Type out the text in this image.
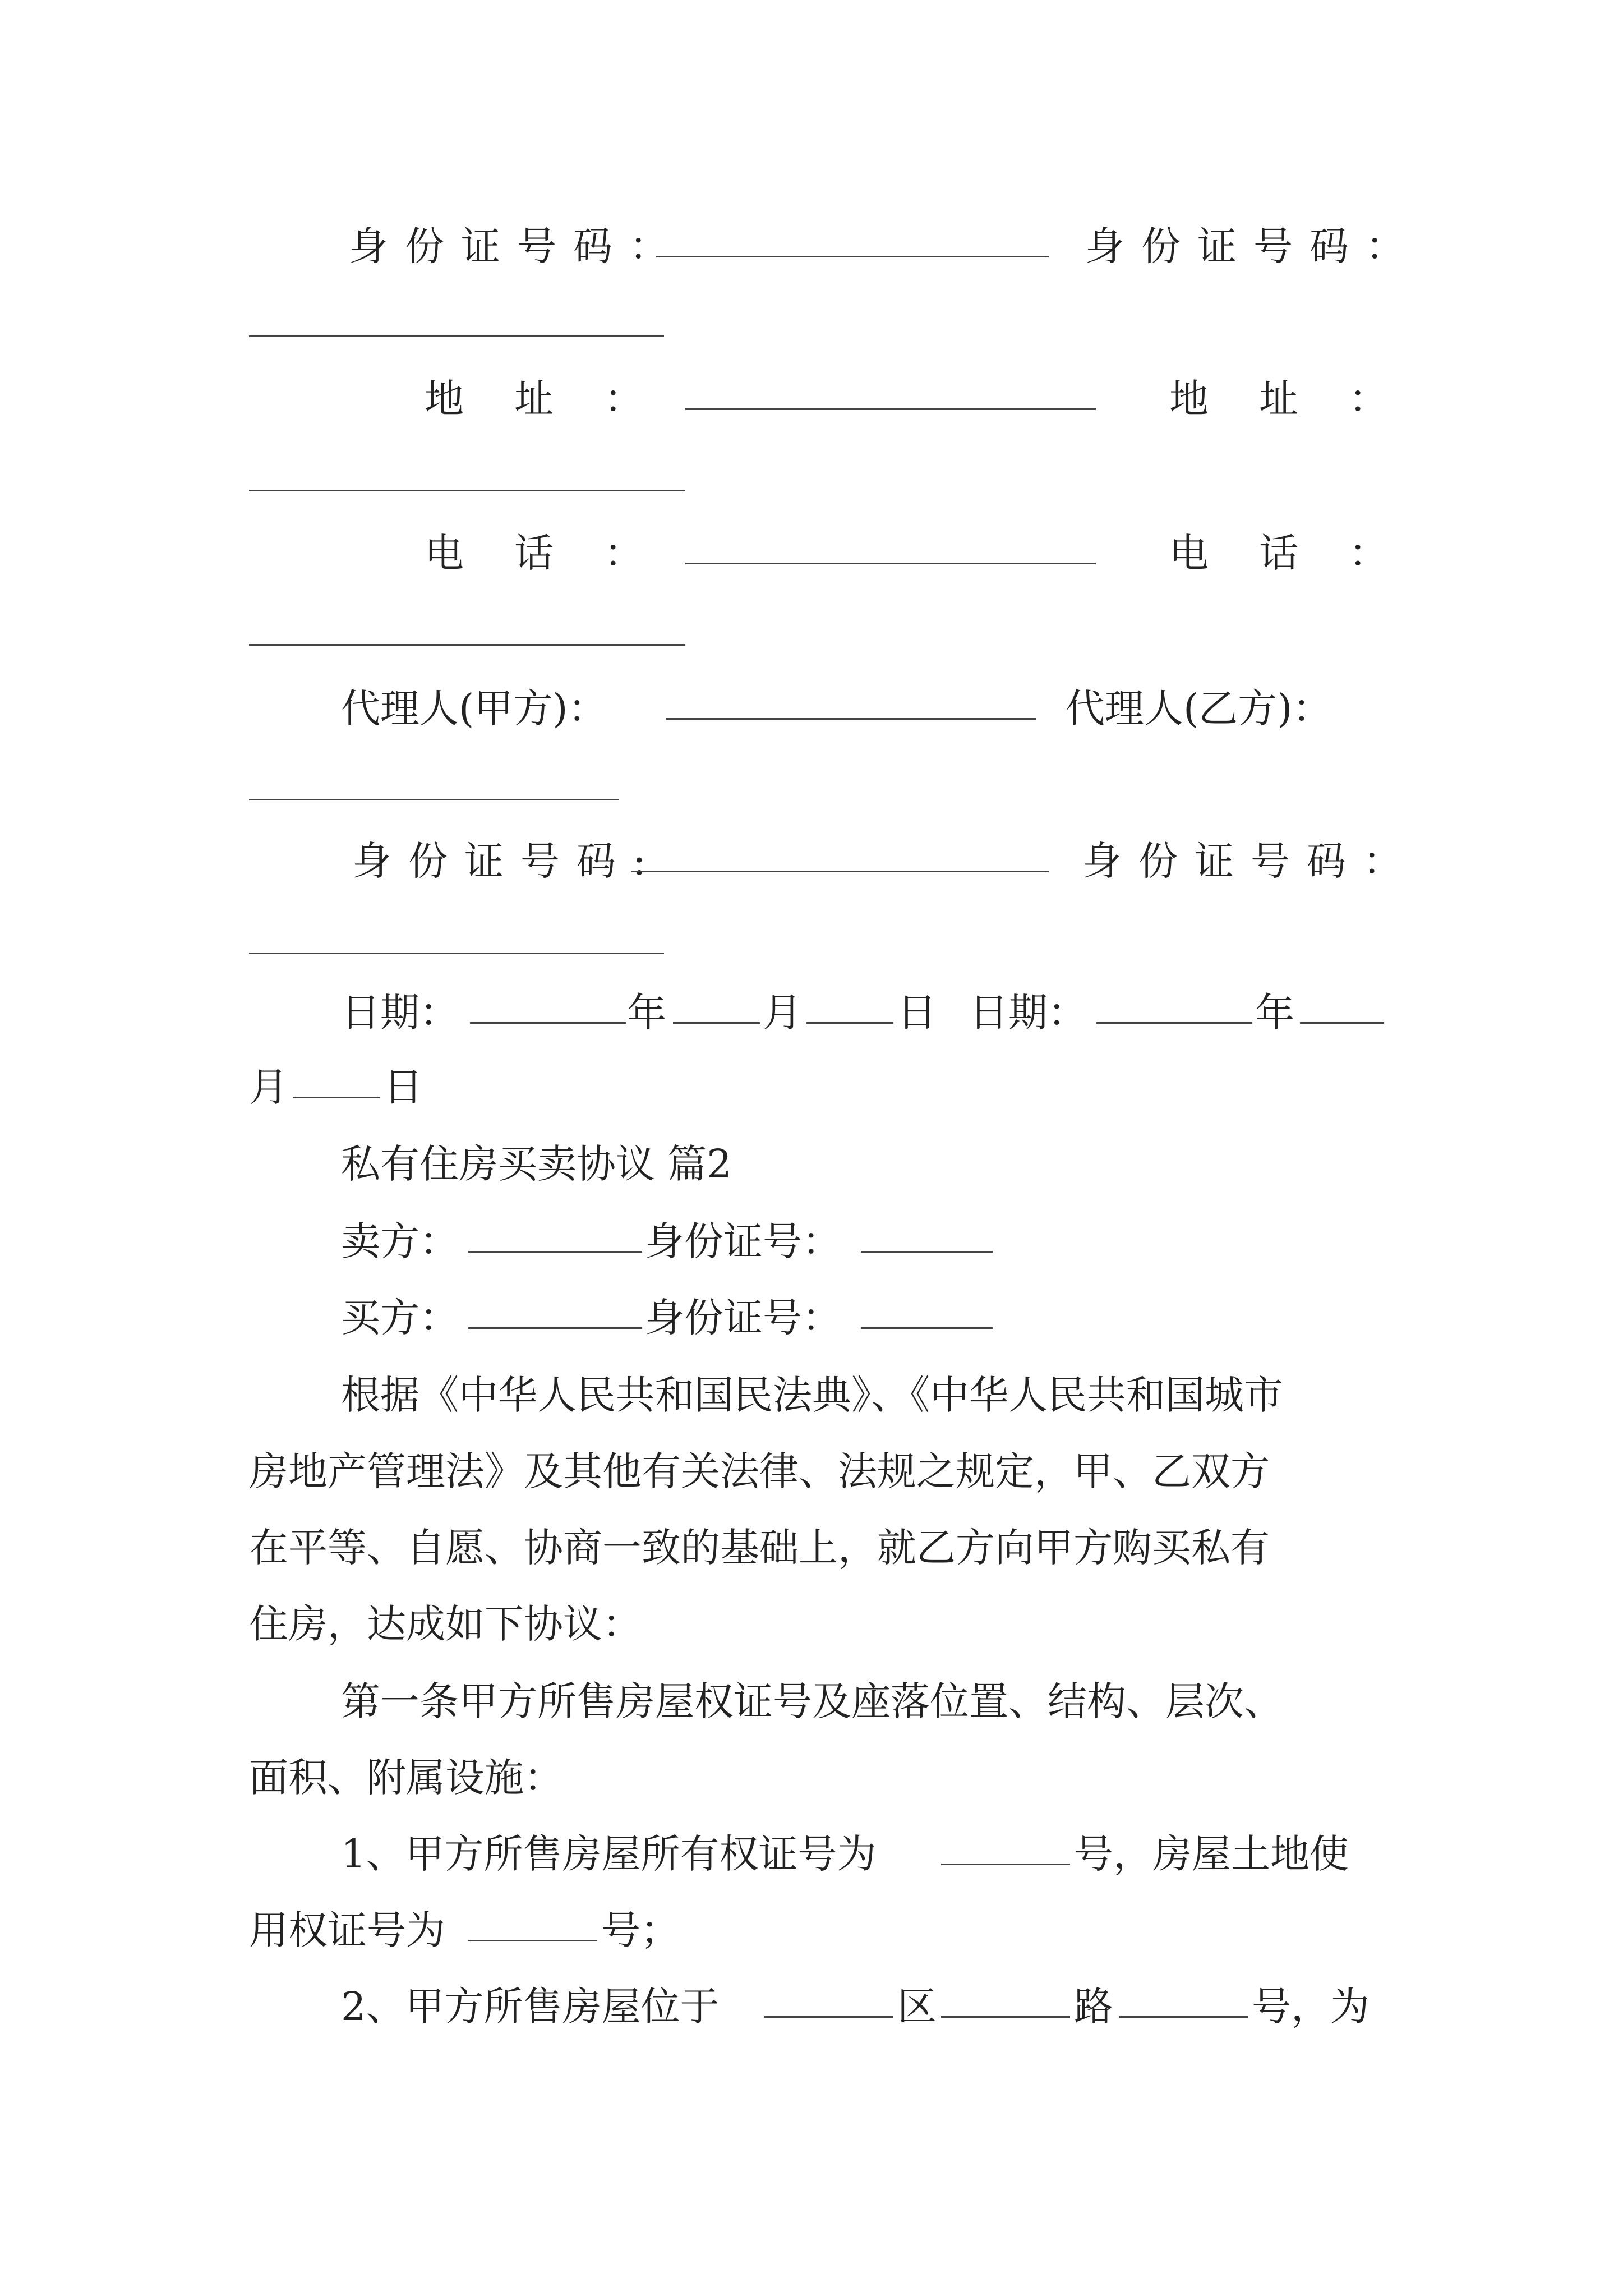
身份证号码：	身份证号码：
地址：	地址：
电话：	电话：
代理人(甲方)：	代理人(乙方)：
身份证号码:	身份证号码：
日期：	年 月 日 日期：	年
月 日
私有住房买卖协议 篇2
卖方：	身份证号：
买方：	身份证号：
根据《中华人民共和国民法典》、《中华人民共和国城市
房地产管理法》及其他有关法律、法规之规定，甲、乙双方
在平等、自愿、协商一致的基础上，就乙方向甲方购买私有
住房，达成如下协议：
第一条甲方所售房屋权证号及座落位置、结构、层次、
面积、附属设施：
1、甲方所售房屋所有权证号为	号，房屋土地使
用权证号为	号；
2、甲方所售房屋位于	区	路	号，为
